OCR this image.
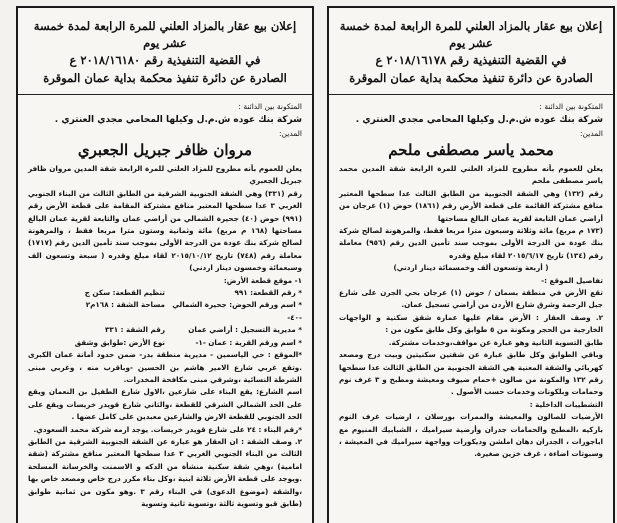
إعلان بيع عقار بالمزاد العلني للمرة الرابعة لمدة خمسة عشر يوم
في القضية التنفيذية رقم ٢٠١٨/١٦١٧٨ ع
الصادرة عن دائرة تنفيذ محكمة بداية عمان الموقرة
المتكونة بين الدائنة :
شركة بنك عوده ش.م.ل وكيلها المحامي مجدي العنتري .
المدين:
محمد ياسر مصطفى ملحم

يعلن للعموم بأنه مطروح للمزاد العلني للمرة الرابعة شقة المدين محمد ياسر مصطفى ملحم

رقم (١٣٢) وهي الشقة الجنوبية من الطابق الثالث عدا سطحها المعتبر منافع مشتركة القائمة على قطعة الأرض رقم (١٨٦١) حوض (١) عرجان من أراضي عمان التابعة لقرية عمان البالغ مساحتها

(١٧٣ م مربع) مائة وثلاثة وسبعون مترا مربعا فقط، والمرهونة لصالح شركة بنك عودة من الدرجة الأولى بموجب سند تأمين الدين رقم (٩٥٦) معاملة رقم (١٣٤) تاريخ ٢٠١٥/٦/١٧ لقاء مبلغ وقدره

( أربعة وتسعون ألف وخمسمائة دينار اردني)

تفاصيل الموقع :-

تقع الأرض في منطقة بسمان / حوض (١) عرجان بحي الجرن على شارع جبل الرحمة وشرق شارع الأردن من أراضي تسجيل عمان.

٢. وصف العقار : الأرض مقام عليها عمارة شقق سكنية و الواجهات الخارجية من الحجر ومكونة من ٥ طوابق وكل طابق مكون من :

طابق التسوية الثانية وهو عبارة عن مواقف،وخدمات مشتركة.

وباقي الطوابق وكل طابق عبارة عن شقتين سكنيتين وبيت درج ومصعد كهربائي والشقة المعنية هي الشقة الجنوبية من الطابق الثالث عدا سطحها رقم ١٣٢ والمكونة من صالون +حمام ضيوف ومعيشة ومطبخ و ٣ غرف نوم وحمامات وبلكونات وخدمات حسب الأصول .

التشطيبات الداخلية :

الأرضيات للصالون والمعيشة والممرات بورسلان ، ارضيات غرف النوم باركيه ،المطبخ والحمامات جدران وأرضية سيراميك ، الشبابيك المنيوم مع اباجورات ، الجدران دهان املشن وديكورات وواجهة سيراميك في المعيشة ، وسبوتات اضاءة ، غرف خزين صغيرة.

إعلان بيع عقار بالمزاد العلني للمرة الرابعة لمدة خمسة عشر يوم
في القضية التنفيذية رقم ٢٠١٨/١٦١٨٠ ع
الصادرة عن دائرة تنفيذ محكمة بداية عمان الموقرة
المتكونة بين الدائنة :
شركة بنك عوده ش.م.ل وكيلها المحامي مجدي العنتري .
المدين:
مروان ظافر جبريل الجعبري

يعلن للعموم بأنه مطروح للمزاد العلني للمرة الرابعة شقة المدين مروان ظافر جبريل الجعبري

رقم (٣٣١) وهي الشقة الجنوبية الشرقية من الطابق الثالث من البناء الجنوبي الغربي ٣ عدا سطحها المعتبر منافع مشتركة المقامة على قطعة الأرض رقم (٩٩١) حوض (٤٠) جحيرة الشمالي من أراضي عمان والتابعة لقرية عمان البالغ مساحتها (١٦٨ م مربع) مائة وثمانية وستون مترا مربعا فقط ، والمرهونة لصالح شركة بنك عودة من الدرجة الأولى بموجب سند تأمين الدين رقم (١٧١٧) معاملة رقم (٧٤٨) تاريخ ٢٠١٥/١٠/١٢ لقاء مبلغ وقدره ( سبعة وتسعون الف وسبعمائة وخمسون دينار اردني)

١- موقع قطعة الأرض:

* رقم القطعة: ٩٩١
تنظيم القطعة: سكن ج
* اسم ورقم الحوض: جحيرة الشمالي -٤٠-
مساحة الشقة : ١٦٨م٢
* مديرية التسجيل : أراضي عمان
رقم الشقة : ٣٣١
* اسم ورقم القرية : عمان -١-
نوع الأرض :طوابق وشقق

*الموقع : حي الياسمين - مديرية منطقة بدر- ضمن حدود أمانة عمان الكبرى .وتقع غربي شارع الامير هاشم بن الحسين -وباقرب منه ، وغربي مبنى الشرطة النسائية ،وشرقي مبنى مكافحة المخدرات.

اسم الشارع: يقع البناء على شارعين ،الاول شارع الطفيل بن النعمان ويقع على الحد الشمالي الشرقي للقطعة ،والثاني شارع قويدر خريسات ويقع على الحد الجنوبي للقطعة الارض والشارعين معبدين على كامل عضها .

*رقم البناء : ٢٤ على شارع قويدر خريسات. يوجد ارمه شركة محمد السعودي.

٢. وصف الشقة : ان العقار هو عبارة عن الشقة الجنوبية الشرقية من الطابق الثالث من البناء الجنوبي الغربي ٣ عدا سطحها المعتبر منافع مشتركة (شقة امامية) ،وهي شقة سكنية منشأة من الدكه و الاسمنت والخرسانة المسلحة .ويوجد على قطعة الأرض ثلاثة ابنية ،وكل بناء مكرر درج خاص ومصعد خاص بها ،والشقة (موضوع الدعوى) في البناء رقم ٣ .وهو مكون من ثمانية طوابق (طابق قبو وتسوية ثالثة ،وتسوية ثانية وتسوية
